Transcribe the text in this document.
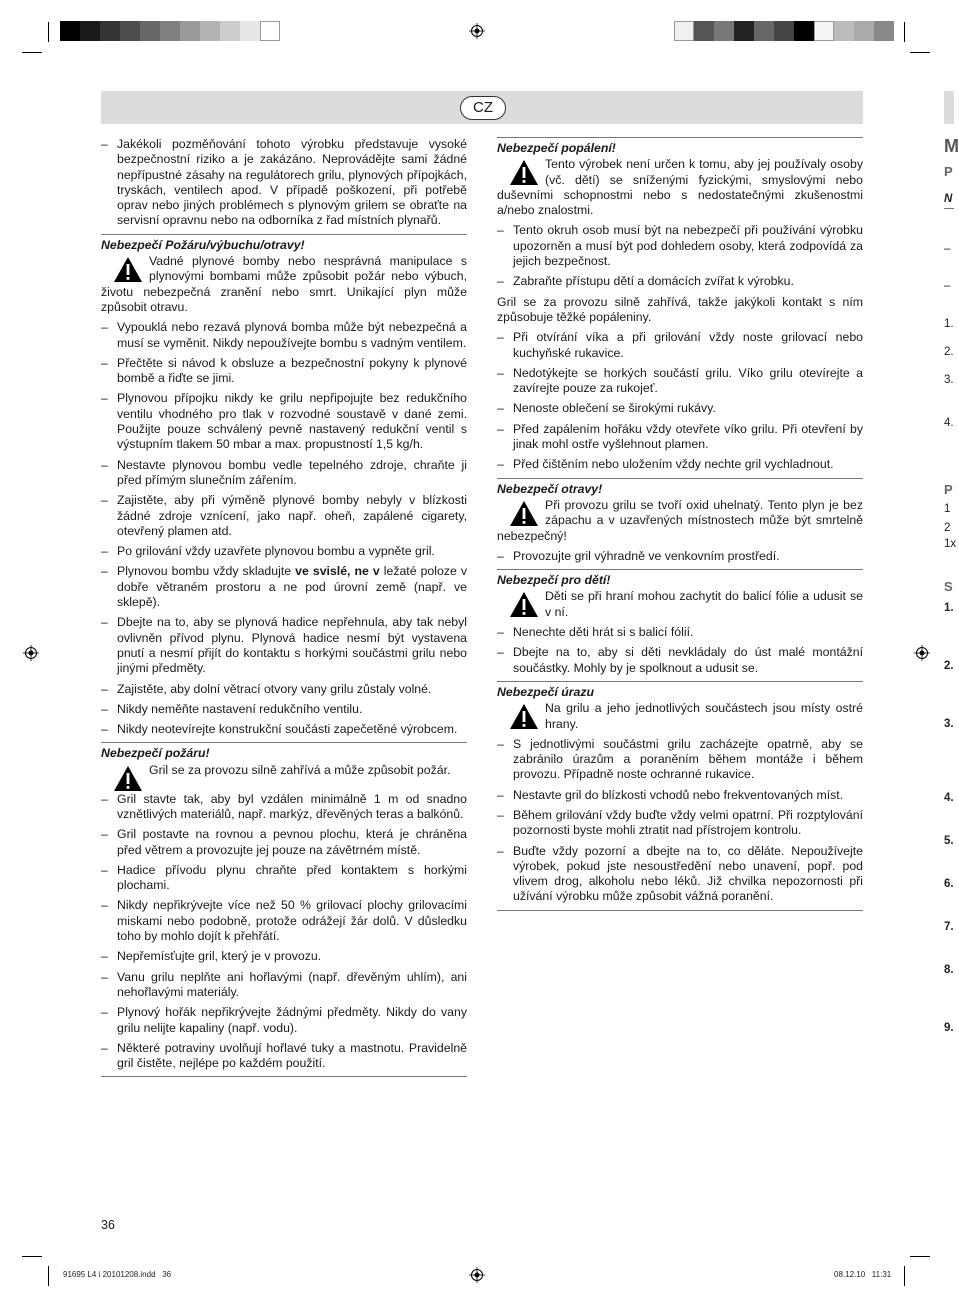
CZ
– Jakékoli pozměňování tohoto výrobku představuje vysoké bezpečnostní riziko a je zakázáno. Neprovádějte sami žádné nepřípustné zásahy na regulátorech grilu, plynových přípojkách, tryskách, ventilech apod. V případě poškození, při potřebě oprav nebo jiných problémech s plynovým grilem se obraťte na servisní opravnu nebo na odborníka z řad místních plynařů.
Nebezpečí Požáru/výbuchu/otravy!

Vadné plynové bomby nebo nesprávná manipulace s plynovými bombami může způsobit požár nebo výbuch, životu nebezpečná zranění nebo smrt. Unikající plyn může způsobit otravu.

– Vypouklá nebo rezavá plynová bomba může být nebezpečná a musí se vyměnit. Nikdy nepoužívejte bombu s vadným ventilem.
– Přečtěte si návod k obsluze a bezpečnostní pokyny k plynové bombě a řiďte se jimi.
– Plynovou přípojku nikdy ke grilu nepřipojujte bez redukčního ventilu vhodného pro tlak v rozvodné soustavě v dané zemi. Použijte pouze schválený pevně nastavený redukční ventil s výstupním tlakem 50 mbar a max. propustností 1,5 kg/h.
– Nestavte plynovou bombu vedle tepelného zdroje, chraňte ji před přímým slunečním zářením.
– Zajistěte, aby při výměně plynové bomby nebyly v blízkosti žádné zdroje vznícení, jako např. oheň, zapálené cigarety, otevřený plamen atd.
– Po grilování vždy uzavřete plynovou bombu a vypněte gril.
– Plynovou bombu vždy skladujte ve svislé, ne v ležaté poloze v dobře větraném prostoru a ne pod úrovní země (např. ve sklepě).
– Dbejte na to, aby se plynová hadice nepřehnula, aby tak nebyl ovlivněn přívod plynu. Plynová hadice nesmí být vystavena pnutí a nesmí přijít do kontaktu s horkými součástmi grilu nebo jinými předměty.
– Zajistěte, aby dolní větrací otvory vany grilu zůstaly volné.
– Nikdy neměňte nastavení redukčního ventilu.
– Nikdy neotevírejte konstrukční součásti zapečetěné výrobcem.
Nebezpečí požáru!

Gril se za provozu silně zahřívá a může způsobit požár.

– Gril stavte tak, aby byl vzdálen minimálně 1 m od snadno vznětlivých materiálů, např. markýz, dřevěných teras a balkónů.
– Gril postavte na rovnou a pevnou plochu, která je chráněna před větrem a provozujte jej pouze na závětrném místě.
– Hadice přívodu plynu chraňte před kontaktem s horkými plochami.
– Nikdy nepřikrývejte více než 50 % grilovací plochy grilovacími miskami nebo podobně, protože odrážejí žár dolů. V důsledku toho by mohlo dojít k přehřátí.
– Nepřemísťujte gril, který je v provozu.
– Vanu grilu neplňte ani hořlavými (např. dřevěným uhlím), ani nehořlavými materiály.
– Plynový hořák nepřikrývejte žádnými předměty. Nikdy do vany grilu nelijte kapaliny (např. vodu).
– Některé potraviny uvolňují hořlavé tuky a mastnotu. Pravidelně gril čistěte, nejlépe po každém použití.
Nebezpečí popálení!

Tento výrobek není určen k tomu, aby jej používaly osoby (vč. dětí) se sníženými fyzickými, smyslovými nebo duševními schopnostmi nebo s nedostatečnými zkušenostmi a/nebo znalostmi.

– Tento okruh osob musí být na nebezpečí při používání výrobku upozorněn a musí být pod dohledem osoby, která zodpovídá za jejich bezpečnost.
– Zabraňte přístupu dětí a domácích zvířat k výrobku.

Gril se za provozu silně zahřívá, takže jakýkoli kontakt s ním způsobuje těžké popáleniny.

– Při otvírání víka a při grilování vždy noste grilovací nebo kuchyňské rukavice.
– Nedotýkejte se horkých součástí grilu. Víko grilu otevírejte a zavírejte pouze za rukojeť.
– Nenoste oblečení se širokými rukávy.
– Před zapálením hořáku vždy otevřete víko grilu. Při otevření by jinak mohl ostře vyšlehnout plamen.
– Před čištěním nebo uložením vždy nechte gril vychladnout.
Nebezpečí otravy!

Při provozu grilu se tvoří oxid uhelnatý. Tento plyn je bez zápachu a v uzavřených místnostech může být smrtelně nebezpečný!

– Provozujte gril výhradně ve venkovním prostředí.
Nebezpečí pro dětí!

Děti se při hraní mohou zachytit do balicí fólie a udusit se v ní.

– Nenechte děti hrát si s balicí fólií.
– Dbejte na to, aby si děti nevkládaly do úst malé montážní součástky. Mohly by je spolknout a udusit se.
Nebezpečí úrazu

Na grilu a jeho jednotlivých součástech jsou místy ostré hrany.

– S jednotlivými součástmi grilu zacházejte opatrně, aby se zabránilo úrazům a poraněním během montáže i během provozu. Případně noste ochranné rukavice.
– Nestavte gril do blízkosti vchodů nebo frekventovaných míst.
– Během grilování vždy buďte vždy velmi opatrní. Při rozptylování pozornosti byste mohli ztratit nad přístrojem kontrolu.
– Buďte vždy pozorní a dbejte na to, co děláte. Nepoužívejte výrobek, pokud jste nesoustředění nebo unavení, popř. pod vlivem drog, alkoholu nebo léků. Již chvilka nepozornosti při užívání výrobku může způsobit vážná poranění.
M
P
N
–
–
1.
2.
3.
4.
P
1
2
1x
S
1.
2.
3.
4.
5.
6.
7.
8.
9.
36
91695 L4 i 20101208.indd   36	08.12.10   11:31
